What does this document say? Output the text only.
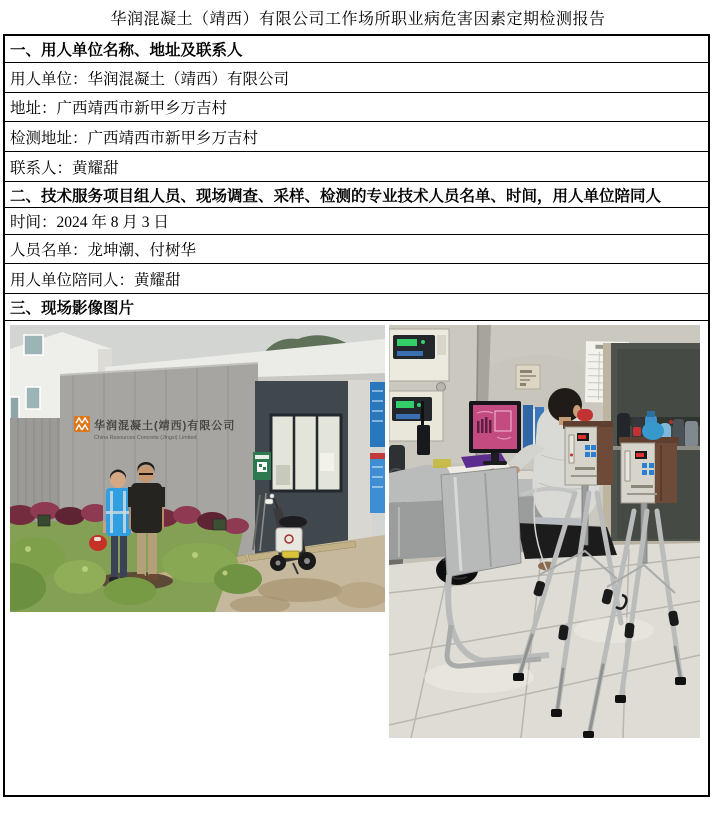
华润混凝土（靖西）有限公司工作场所职业病危害因素定期检测报告
一、用人单位名称、地址及联系人
用人单位：华润混凝土（靖西）有限公司
地址：广西靖西市新甲乡万吉村
检测地址：广西靖西市新甲乡万吉村
联系人：黄耀甜
二、技术服务项目组人员、现场调查、采样、检测的专业技术人员名单、时间，用人单位陪同人
时间：2024 年 8 月 3 日
人员名单：龙坤潮、付树华
用人单位陪同人：黄耀甜
三、现场影像图片
华润混凝土(靖西)有限公司
China Resources Concrete (Jingxi) Limited
